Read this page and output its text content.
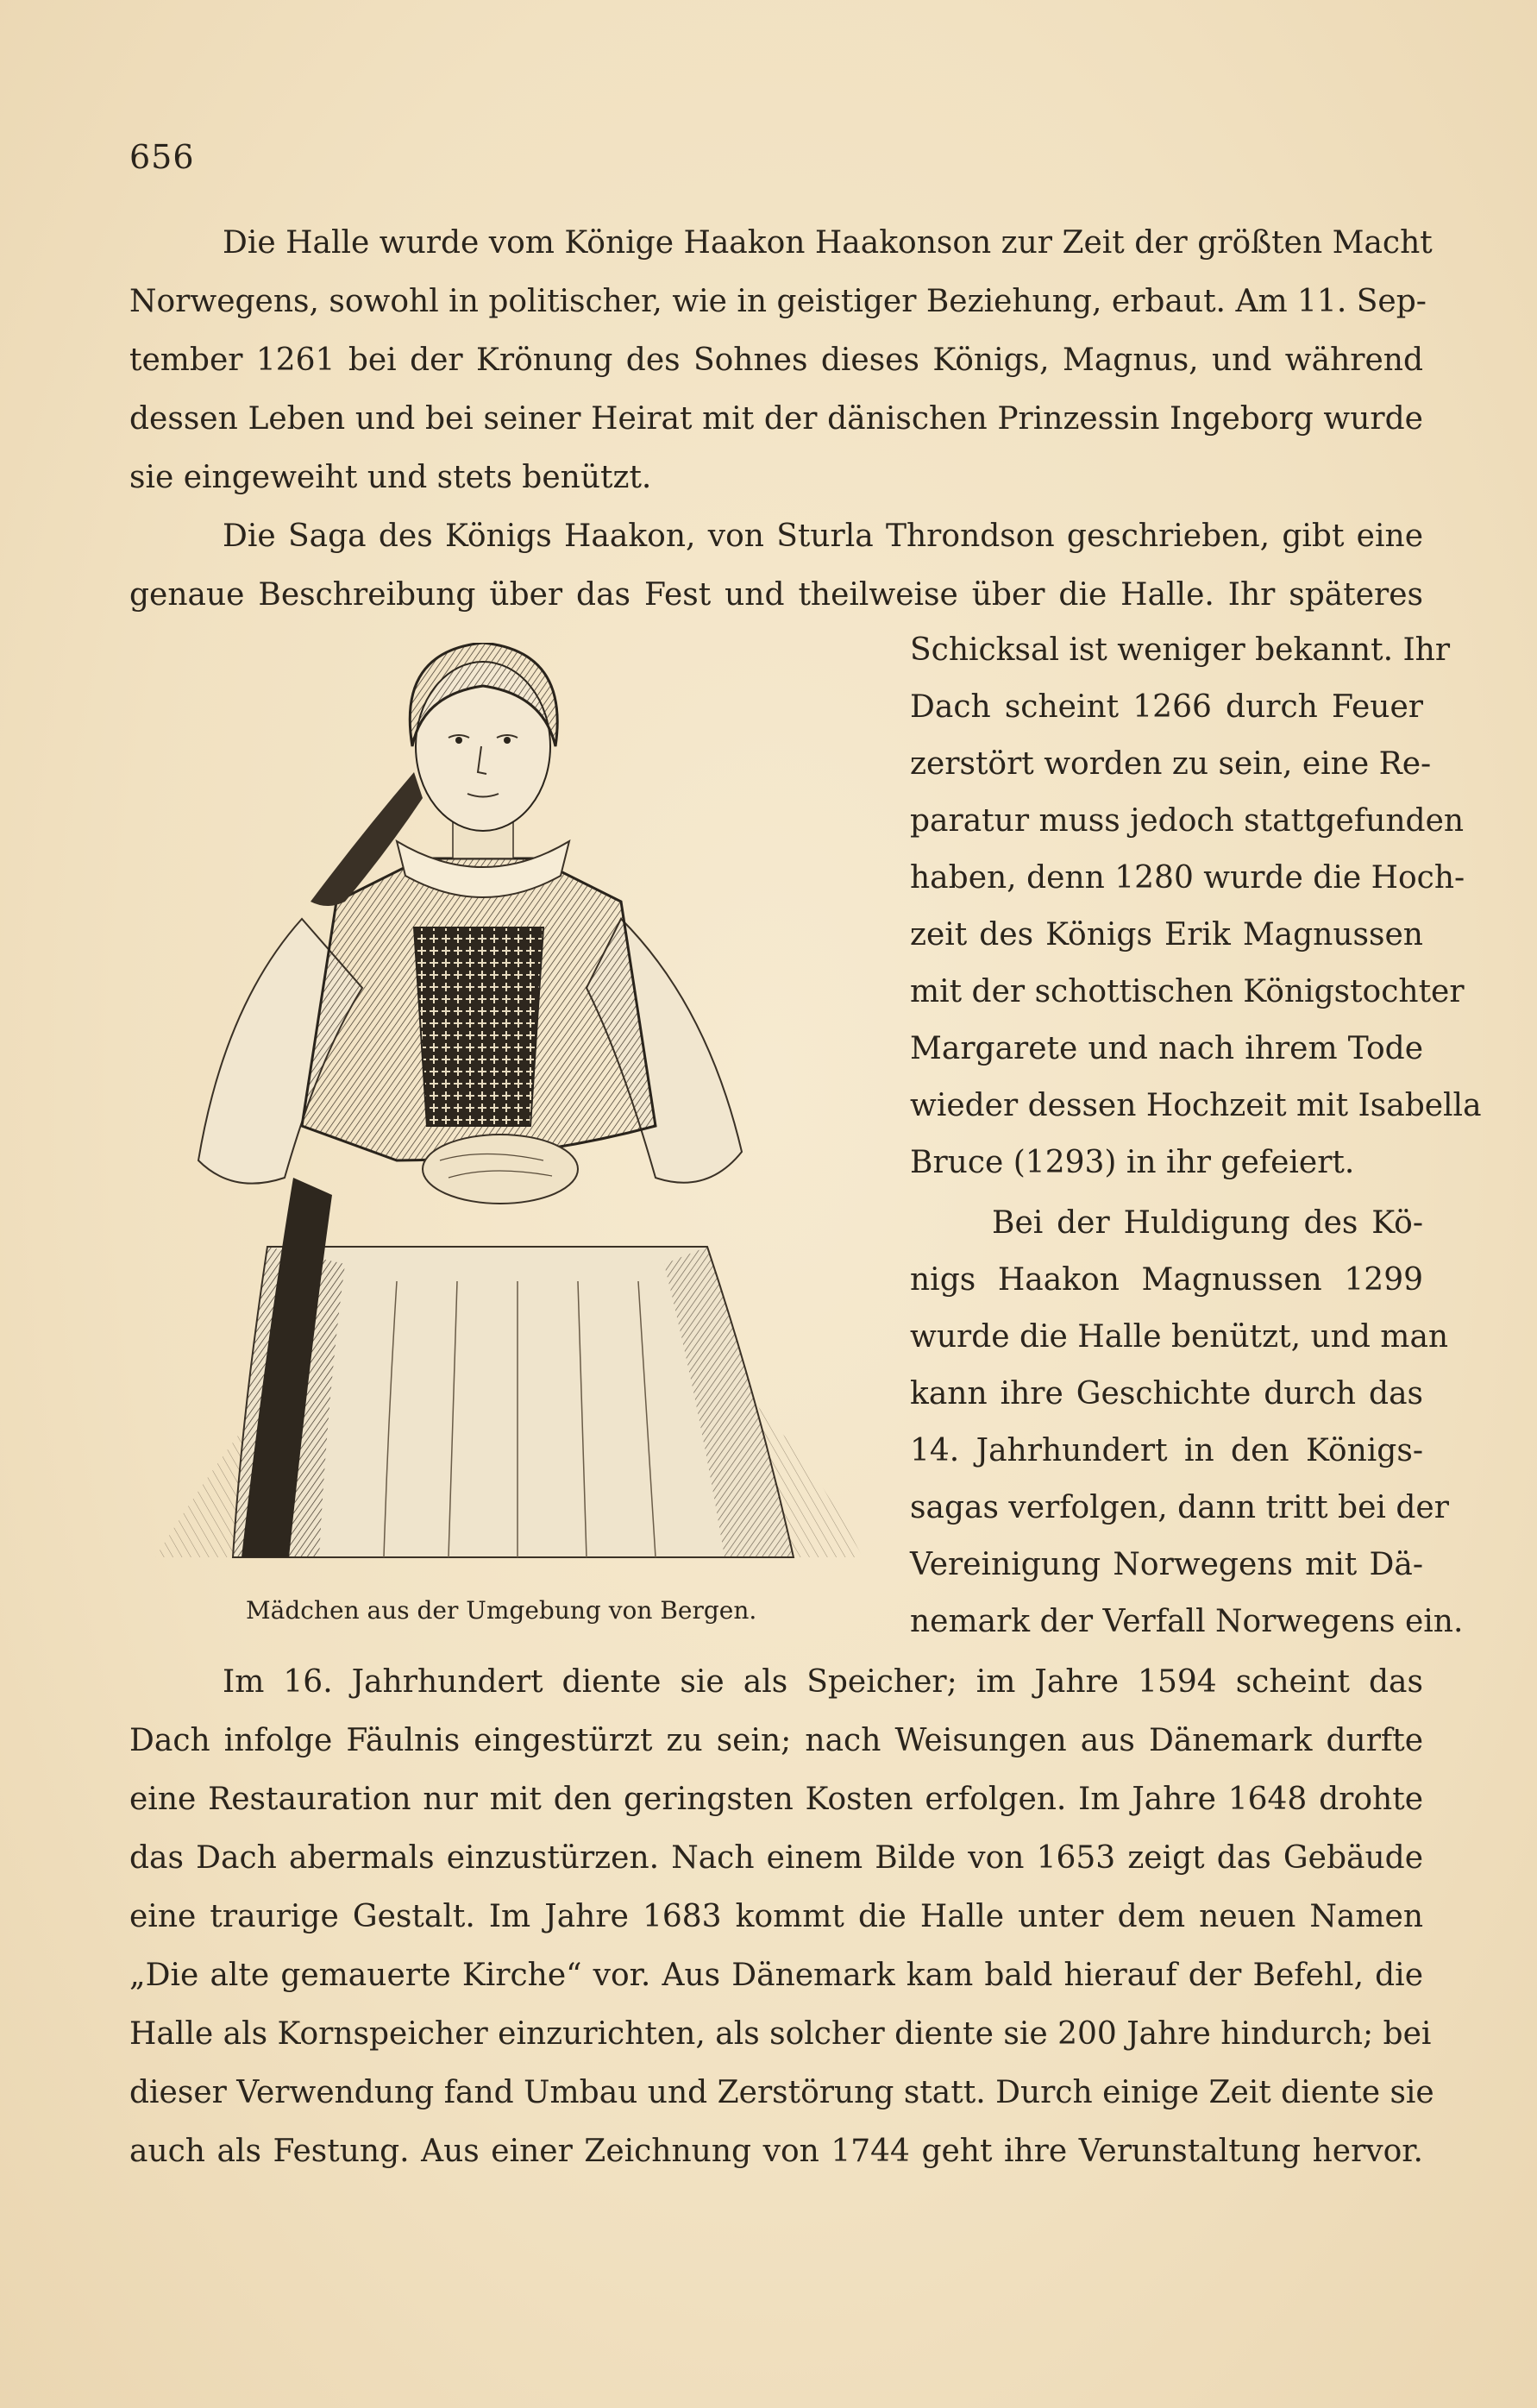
656
Die Halle wurde vom Könige Haakon Haakonson zur Zeit der größten Macht
Norwegens, sowohl in politischer, wie in geistiger Beziehung, erbaut. Am 11. Sep-
tember 1261 bei der Krönung des Sohnes dieses Königs, Magnus, und während
dessen Leben und bei seiner Heirat mit der dänischen Prinzessin Ingeborg wurde
sie eingeweiht und stets benützt.
Die Saga des Königs Haakon, von Sturla Throndson geschrieben, gibt eine
genaue Beschreibung über das Fest und theilweise über die Halle. Ihr späteres
Schicksal ist weniger bekannt. Ihr
Dach scheint 1266 durch Feuer
zerstört worden zu sein, eine Re-
paratur muss jedoch stattgefunden
haben, denn 1280 wurde die Hoch-
zeit des Königs Erik Magnussen
mit der schottischen Königstochter
Margarete und nach ihrem Tode
wieder dessen Hochzeit mit Isabella
Bruce (1293) in ihr gefeiert.
Bei der Huldigung des Kö-
nigs Haakon Magnussen 1299
wurde die Halle benützt, und man
kann ihre Geschichte durch das
14. Jahrhundert in den Königs-
sagas verfolgen, dann tritt bei der
Vereinigung Norwegens mit Dä-
nemark der Verfall Norwegens ein.
Mädchen aus der Umgebung von Bergen.
Im 16. Jahrhundert diente sie als Speicher; im Jahre 1594 scheint das
Dach infolge Fäulnis eingestürzt zu sein; nach Weisungen aus Dänemark durfte
eine Restauration nur mit den geringsten Kosten erfolgen. Im Jahre 1648 drohte
das Dach abermals einzustürzen. Nach einem Bilde von 1653 zeigt das Gebäude
eine traurige Gestalt. Im Jahre 1683 kommt die Halle unter dem neuen Namen
„Die alte gemauerte Kirche“ vor. Aus Dänemark kam bald hierauf der Befehl, die
Halle als Kornspeicher einzurichten, als solcher diente sie 200 Jahre hindurch; bei
dieser Verwendung fand Umbau und Zerstörung statt. Durch einige Zeit diente sie
auch als Festung. Aus einer Zeichnung von 1744 geht ihre Verunstaltung hervor.
